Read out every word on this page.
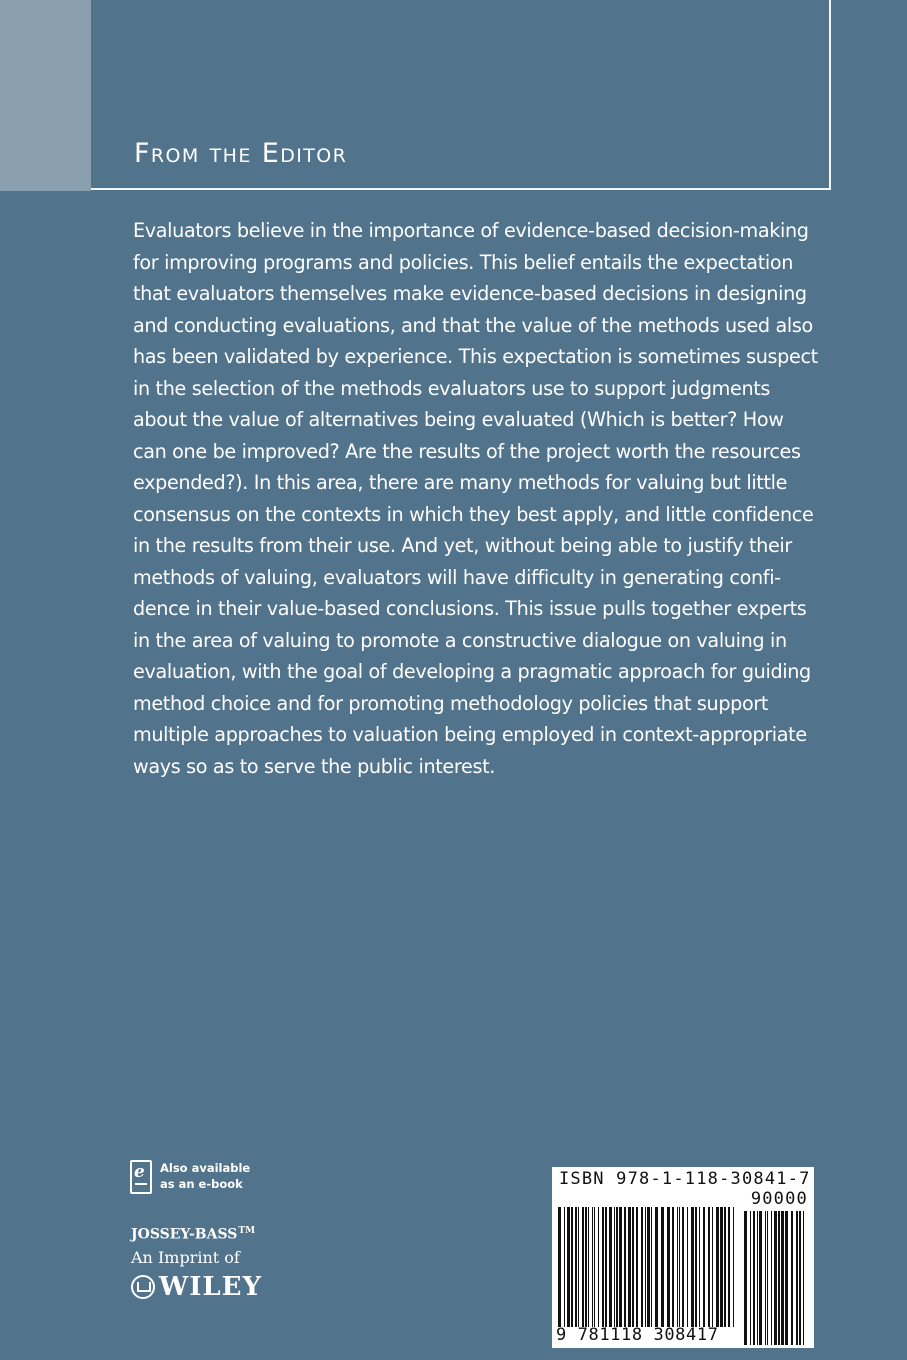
From the Editor
Evaluators believe in the importance of evidence-based decision-making
for improving programs and policies. This belief entails the expectation
that evaluators themselves make evidence-based decisions in designing
and conducting evaluations, and that the value of the methods used also
has been validated by experience. This expectation is sometimes suspect
in the selection of the methods evaluators use to support judgments
about the value of alternatives being evaluated (Which is better? How
can one be improved? Are the results of the project worth the resources
expended?). In this area, there are many methods for valuing but little
consensus on the contexts in which they best apply, and little confidence
in the results from their use. And yet, without being able to justify their
methods of valuing, evaluators will have difficulty in generating confi-
dence in their value-based conclusions. This issue pulls together experts
in the area of valuing to promote a constructive dialogue on valuing in
evaluation, with the goal of developing a pragmatic approach for guiding
method choice and for promoting methodology policies that support
multiple approaches to valuation being employed in context-appropriate
ways so as to serve the public interest.
e Also available
as an e-book
JOSSEY-BASS™
An Imprint of
WILEY
ISBN 978-1-118-30841-7
90000
9 781118 308417
